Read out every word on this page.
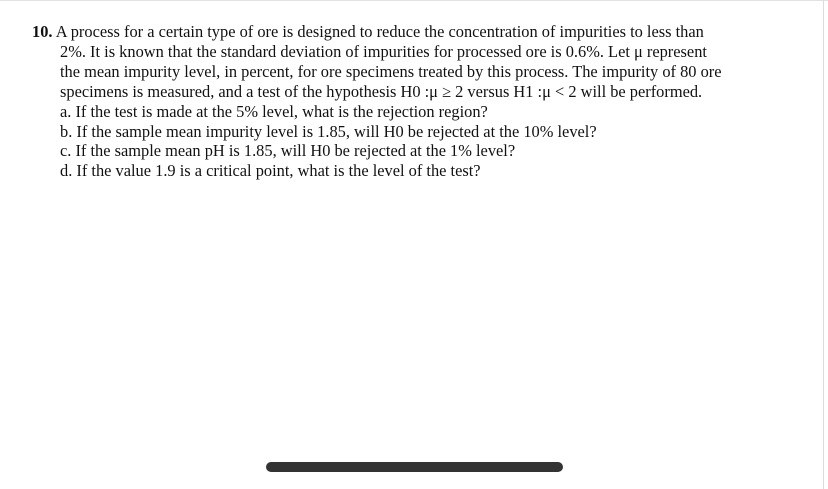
10. A process for a certain type of ore is designed to reduce the concentration of impurities to less than
2%. It is known that the standard deviation of impurities for processed ore is 0.6%. Let μ represent
the mean impurity level, in percent, for ore specimens treated by this process. The impurity of 80 ore
specimens is measured, and a test of the hypothesis H0 :μ ≥ 2 versus H1 :μ < 2 will be performed.
a. If the test is made at the 5% level, what is the rejection region?
b. If the sample mean impurity level is 1.85, will H0 be rejected at the 10% level?
c. If the sample mean pH is 1.85, will H0 be rejected at the 1% level?
d. If the value 1.9 is a critical point, what is the level of the test?
